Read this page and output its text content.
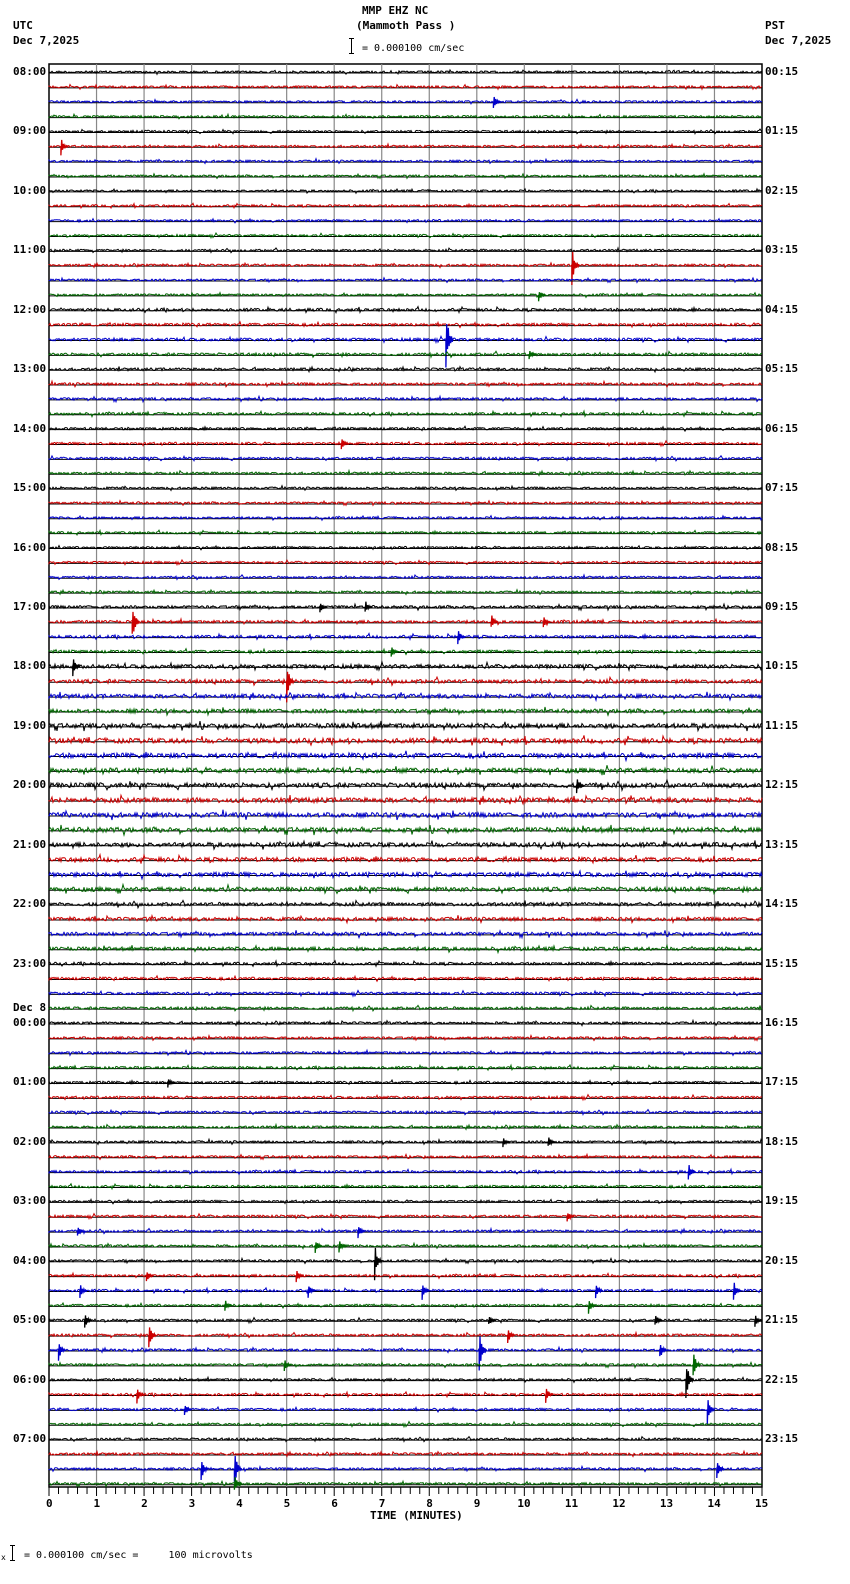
MMP EHZ NC
(Mammoth Pass )
UTC
Dec 7,2025
PST
Dec 7,2025
= 0.000100 cm/sec
08:00
09:00
10:00
11:00
12:00
13:00
14:00
15:00
16:00
17:00
18:00
19:00
20:00
21:00
22:00
23:00
00:00
Dec 8
01:00
02:00
03:00
04:00
05:00
06:00
07:00
00:15
01:15
02:15
03:15
04:15
05:15
06:15
07:15
08:15
09:15
10:15
11:15
12:15
13:15
14:15
15:15
16:15
17:15
18:15
19:15
20:15
21:15
22:15
23:15
0	1	2	3	4	5	6	7	8	9	10	11	12	13	14	15
TIME (MINUTES)
x = 0.000100 cm/sec =     100 microvolts
